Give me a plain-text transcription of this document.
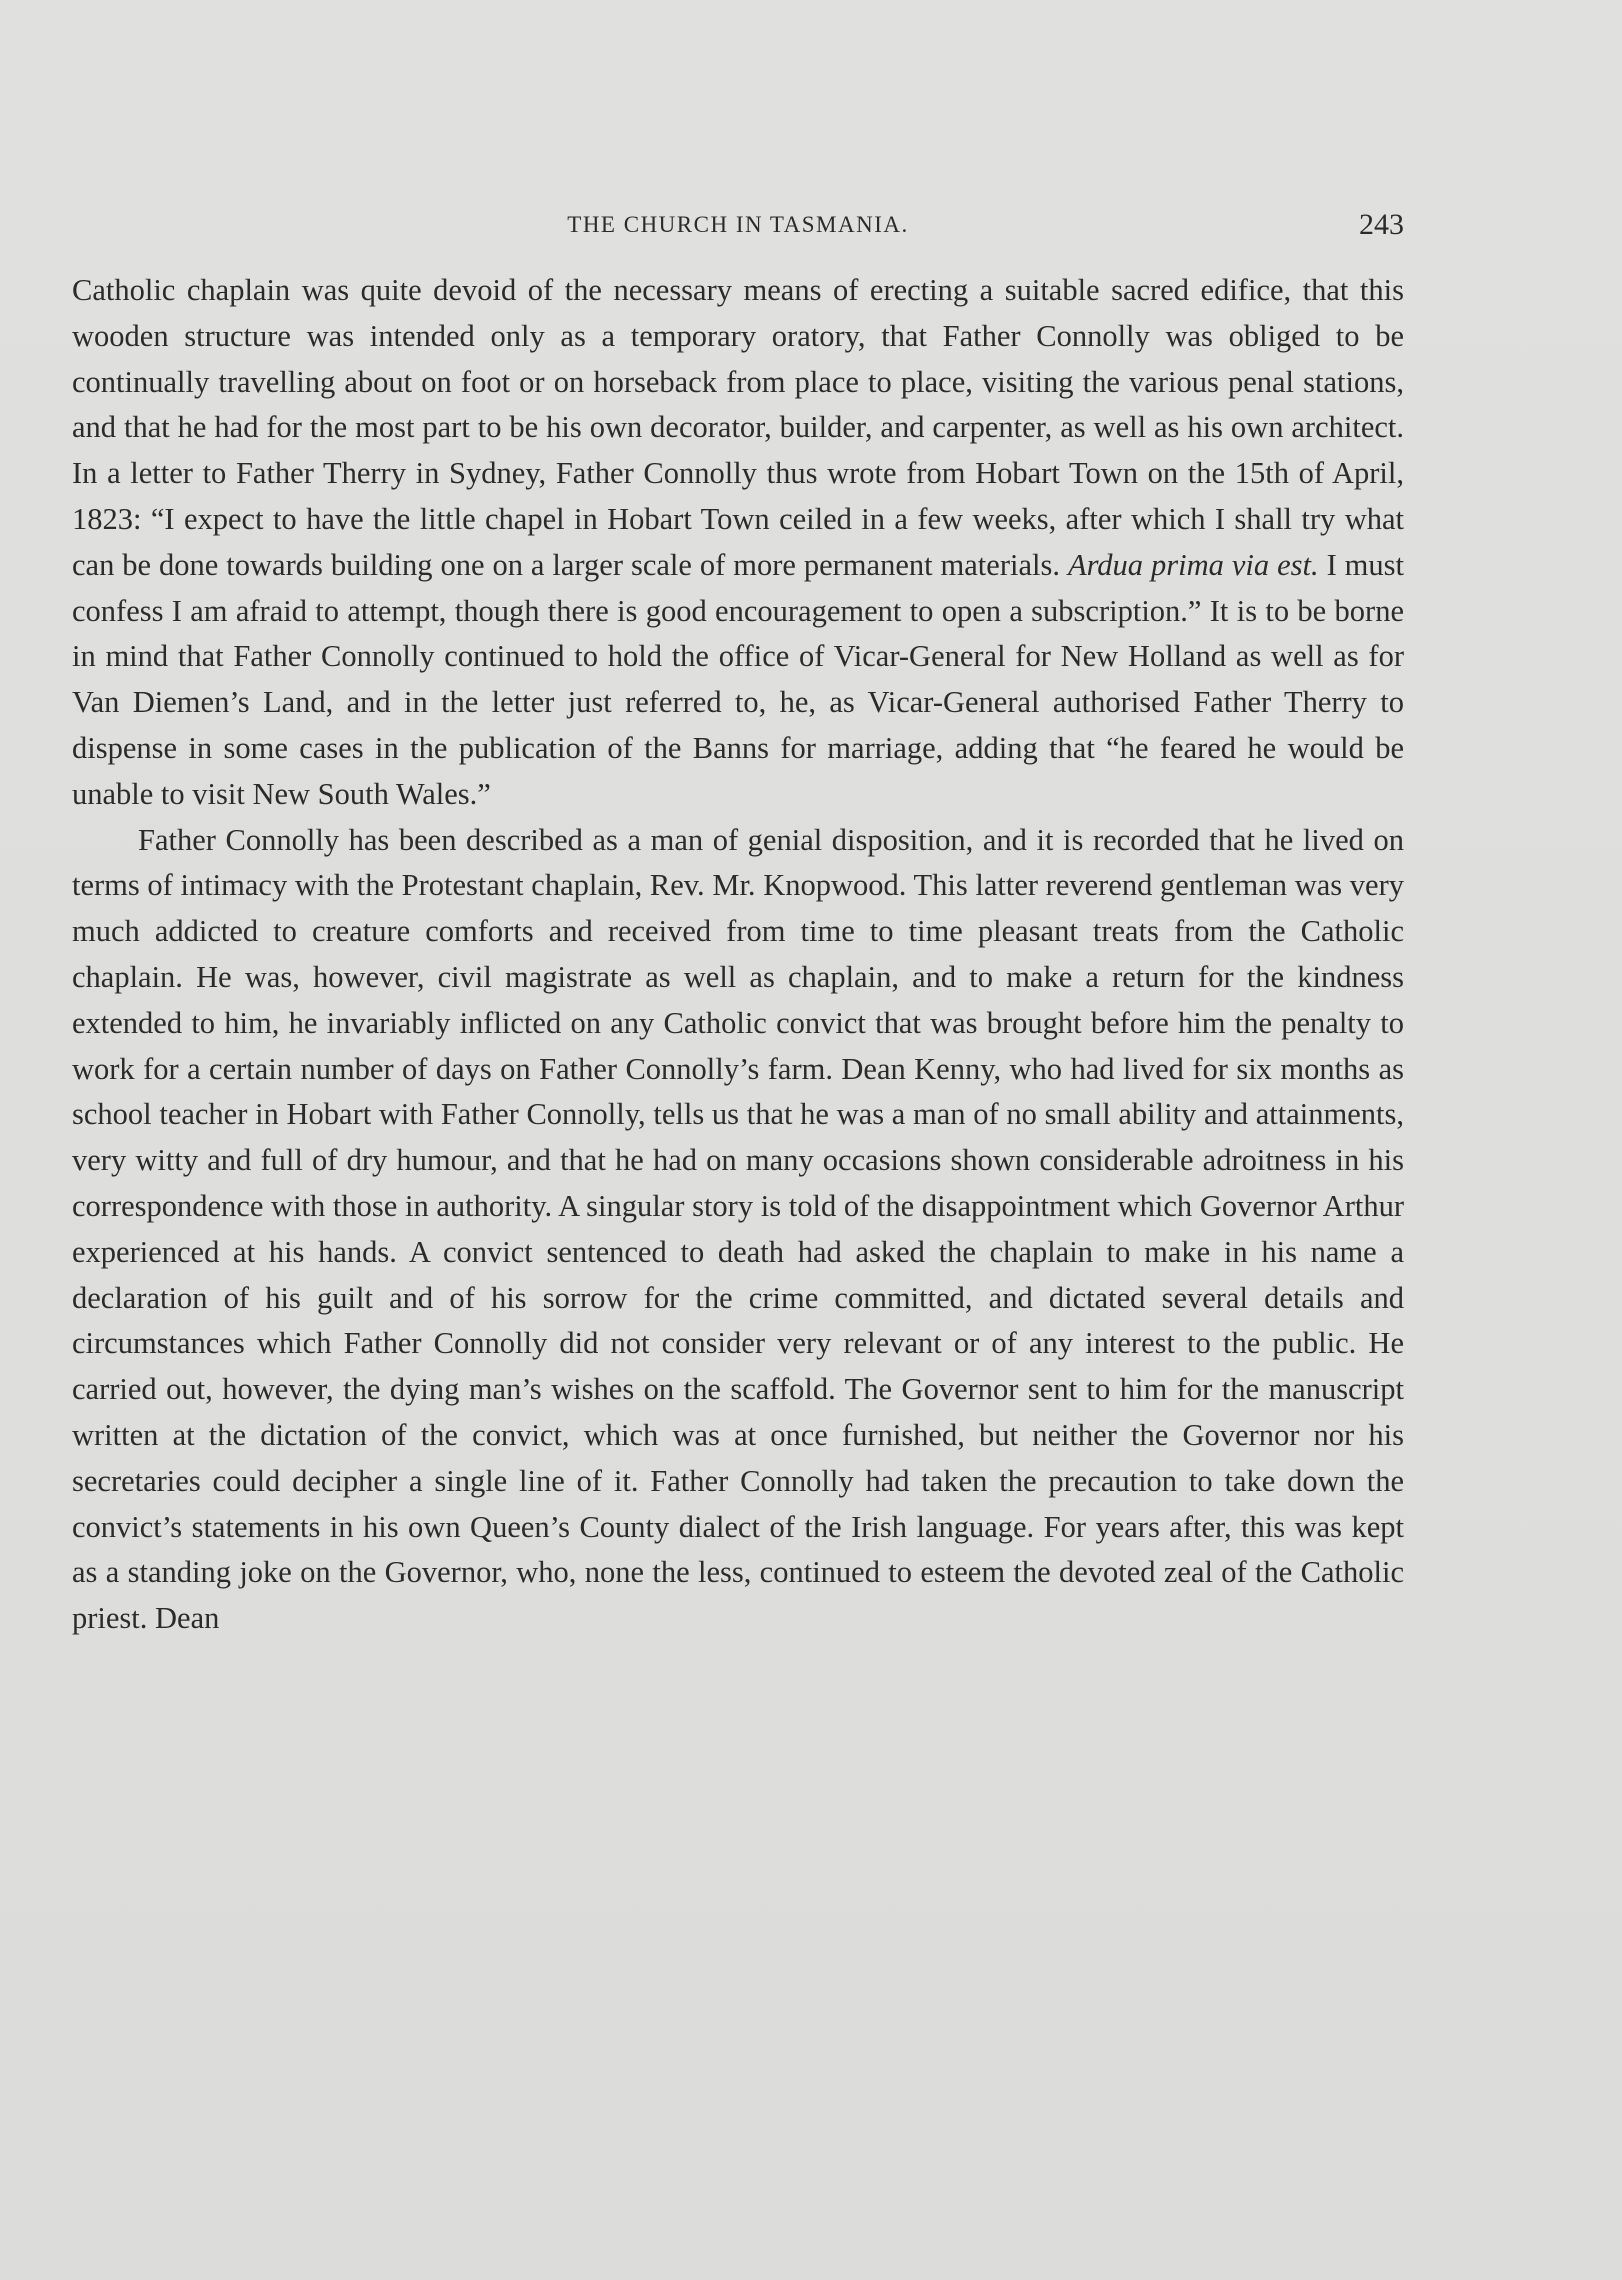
THE CHURCH IN TASMANIA.	243

Catholic chaplain was quite devoid of the necessary means of erecting a suitable sacred edifice, that this wooden structure was intended only as a temporary oratory, that Father Connolly was obliged to be continually travelling about on foot or on horseback from place to place, visiting the various penal stations, and that he had for the most part to be his own decorator, builder, and carpenter, as well as his own architect. In a letter to Father Therry in Sydney, Father Connolly thus wrote from Hobart Town on the 15th of April, 1823: “I expect to have the little chapel in Hobart Town ceiled in a few weeks, after which I shall try what can be done towards building one on a larger scale of more permanent materials. Ardua prima via est. I must confess I am afraid to attempt, though there is good encouragement to open a subscription.” It is to be borne in mind that Father Connolly continued to hold the office of Vicar-General for New Holland as well as for Van Diemen’s Land, and in the letter just referred to, he, as Vicar-General authorised Father Therry to dispense in some cases in the publication of the Banns for marriage, adding that “he feared he would be unable to visit New South Wales.”

Father Connolly has been described as a man of genial disposition, and it is recorded that he lived on terms of intimacy with the Protestant chaplain, Rev. Mr. Knopwood. This latter reverend gentleman was very much addicted to creature comforts and received from time to time pleasant treats from the Catholic chaplain. He was, however, civil magistrate as well as chaplain, and to make a return for the kindness extended to him, he invariably inflicted on any Catholic convict that was brought before him the penalty to work for a certain number of days on Father Connolly’s farm. Dean Kenny, who had lived for six months as school teacher in Hobart with Father Connolly, tells us that he was a man of no small ability and attainments, very witty and full of dry humour, and that he had on many occasions shown considerable adroitness in his correspondence with those in authority. A singular story is told of the disappointment which Governor Arthur experienced at his hands. A convict sentenced to death had asked the chaplain to make in his name a declaration of his guilt and of his sorrow for the crime committed, and dictated several details and circumstances which Father Connolly did not consider very relevant or of any interest to the public. He carried out, however, the dying man’s wishes on the scaffold. The Governor sent to him for the manuscript written at the dictation of the convict, which was at once furnished, but neither the Governor nor his secretaries could decipher a single line of it. Father Connolly had taken the precaution to take down the convict’s statements in his own Queen’s County dialect of the Irish language. For years after, this was kept as a standing joke on the Governor, who, none the less, continued to esteem the devoted zeal of the Catholic priest. Dean
